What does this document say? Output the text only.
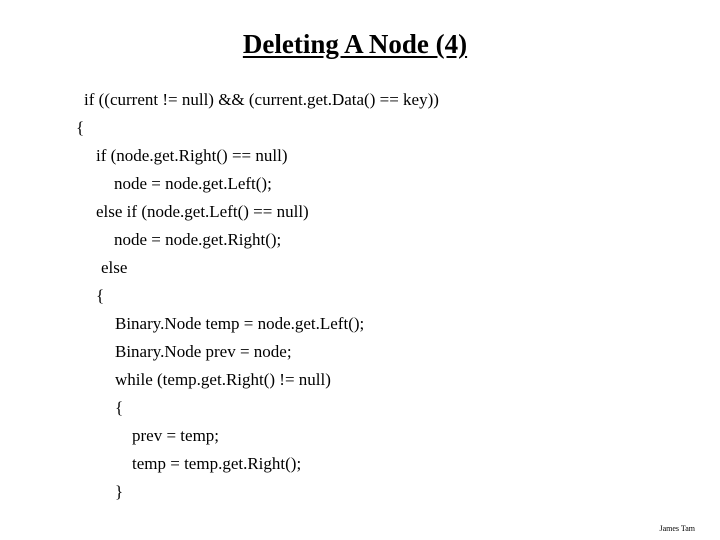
Deleting A Node (4)
if ((current != null) && (current.get.Data() == key))
{
if (node.get.Right() == null)
node = node.get.Left();
else if (node.get.Left() == null)
node = node.get.Right();
else
{
Binary.Node temp = node.get.Left();
Binary.Node prev = node;
while (temp.get.Right() != null)
{
prev = temp;
temp = temp.get.Right();
}
James Tam
